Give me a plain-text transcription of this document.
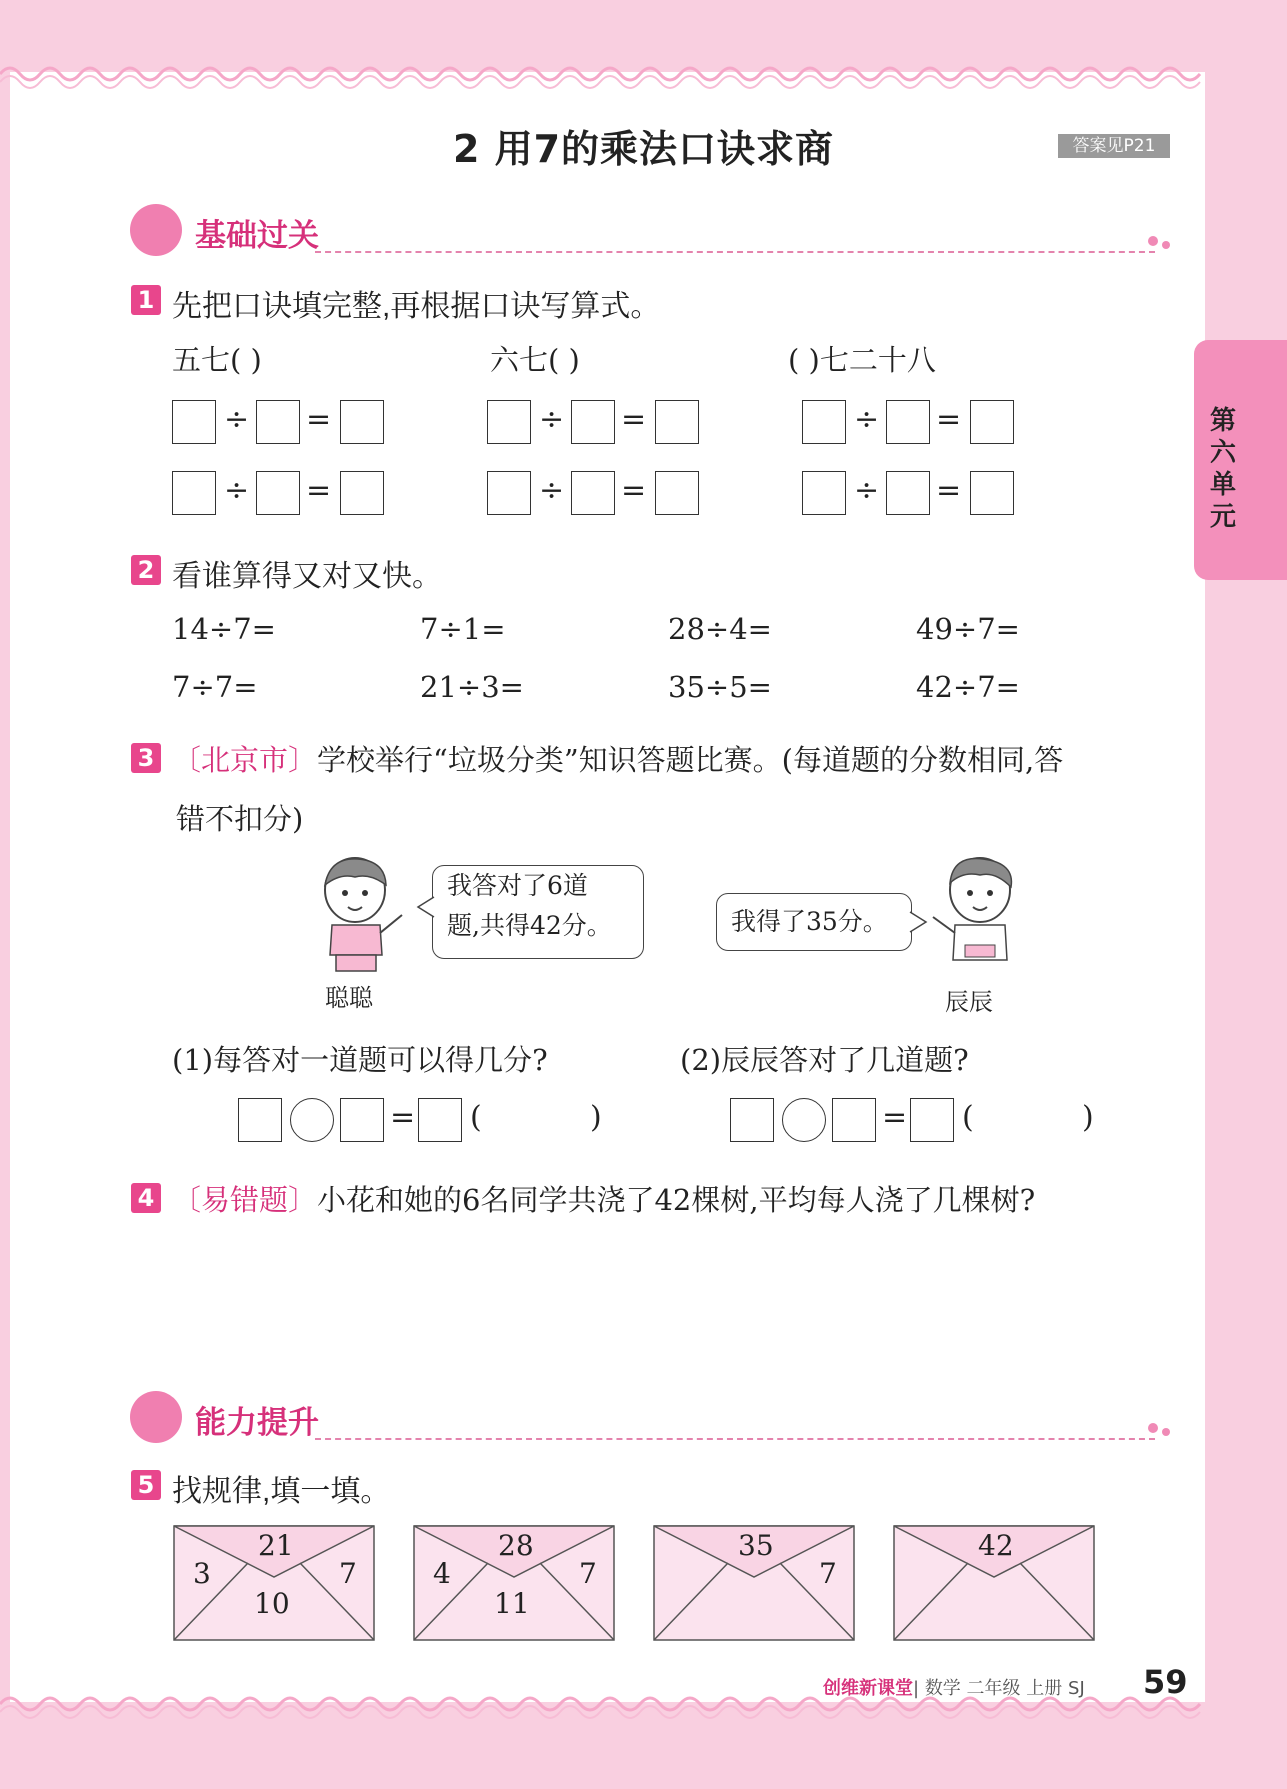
第六单元
2 用7的乘法口诀求商	答案见P21
基础过关
1 先把口诀填完整,再根据口诀写算式。
五七( )	六七( )	( )七二十八
÷ =	÷ =	÷ =
÷ =	÷ =	÷ =
2 看谁算得又对又快。
14÷7=	7÷1=	28÷4=	49÷7=
7÷7=	21÷3=	35÷5=	42÷7=
3 〔北京市〕学校举行“垃圾分类”知识答题比赛。(每道题的分数相同,答
错不扣分)
聪聪
我答对了6道
题,共得42分。	我得了35分。
辰辰
(1)每答对一道题可以得几分?	(2)辰辰答对了几道题?
= (	)	= (	)
4 〔易错题〕小花和她的6名同学共浇了42棵树,平均每人浇了几棵树?
能力提升
5 找规律,填一填。
21
3	7
10
28
4	7
11
35
7
42
创维新课堂| 数学 二年级 上册 SJ 59
